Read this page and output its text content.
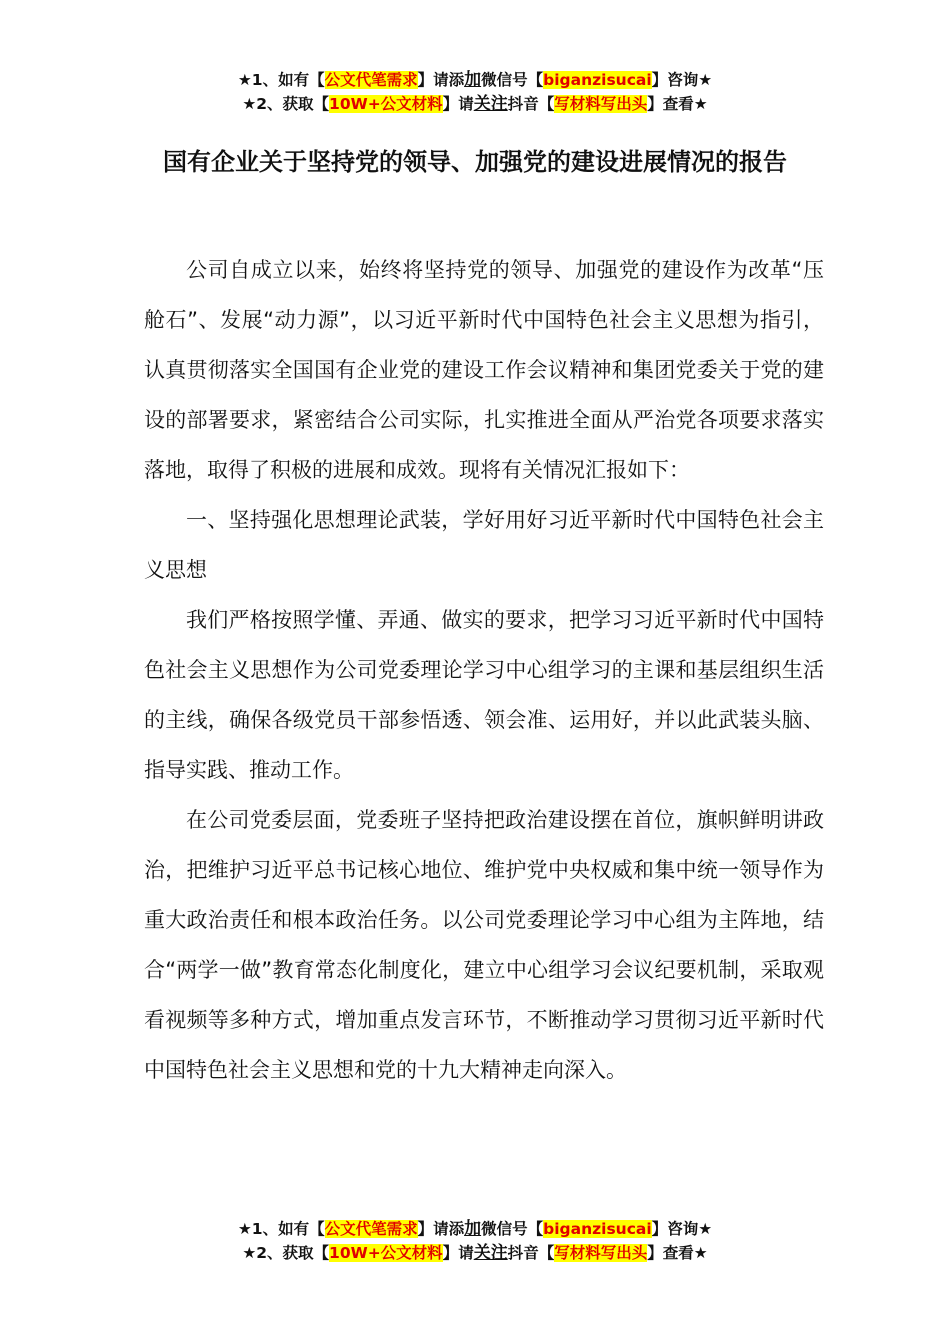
★1、如有【公文代笔需求】请添加微信号【biganzisucai】咨询★
★2、获取【10W+公文材料】请关注抖音【写材料写出头】查看★
国有企业关于坚持党的领导、加强党的建设进展情况的报告

公司自成立以来，始终将坚持党的领导、加强党的建设作为改革“压舱石”、发展“动力源”，以习近平新时代中国特色社会主义思想为指引，认真贯彻落实全国国有企业党的建设工作会议精神和集团党委关于党的建设的部署要求，紧密结合公司实际，扎实推进全面从严治党各项要求落实落地，取得了积极的进展和成效。现将有关情况汇报如下：

一、坚持强化思想理论武装，学好用好习近平新时代中国特色社会主义思想

我们严格按照学懂、弄通、做实的要求，把学习习近平新时代中国特色社会主义思想作为公司党委理论学习中心组学习的主课和基层组织生活的主线，确保各级党员干部参悟透、领会准、运用好，并以此武装头脑、指导实践、推动工作。

在公司党委层面，党委班子坚持把政治建设摆在首位，旗帜鲜明讲政治，把维护习近平总书记核心地位、维护党中央权威和集中统一领导作为重大政治责任和根本政治任务。以公司党委理论学习中心组为主阵地，结合“两学一做”教育常态化制度化，建立中心组学习会议纪要机制，采取观看视频等多种方式，增加重点发言环节，不断推动学习贯彻习近平新时代中国特色社会主义思想和党的十九大精神走向深入。

★1、如有【公文代笔需求】请添加微信号【biganzisucai】咨询★
★2、获取【10W+公文材料】请关注抖音【写材料写出头】查看★
